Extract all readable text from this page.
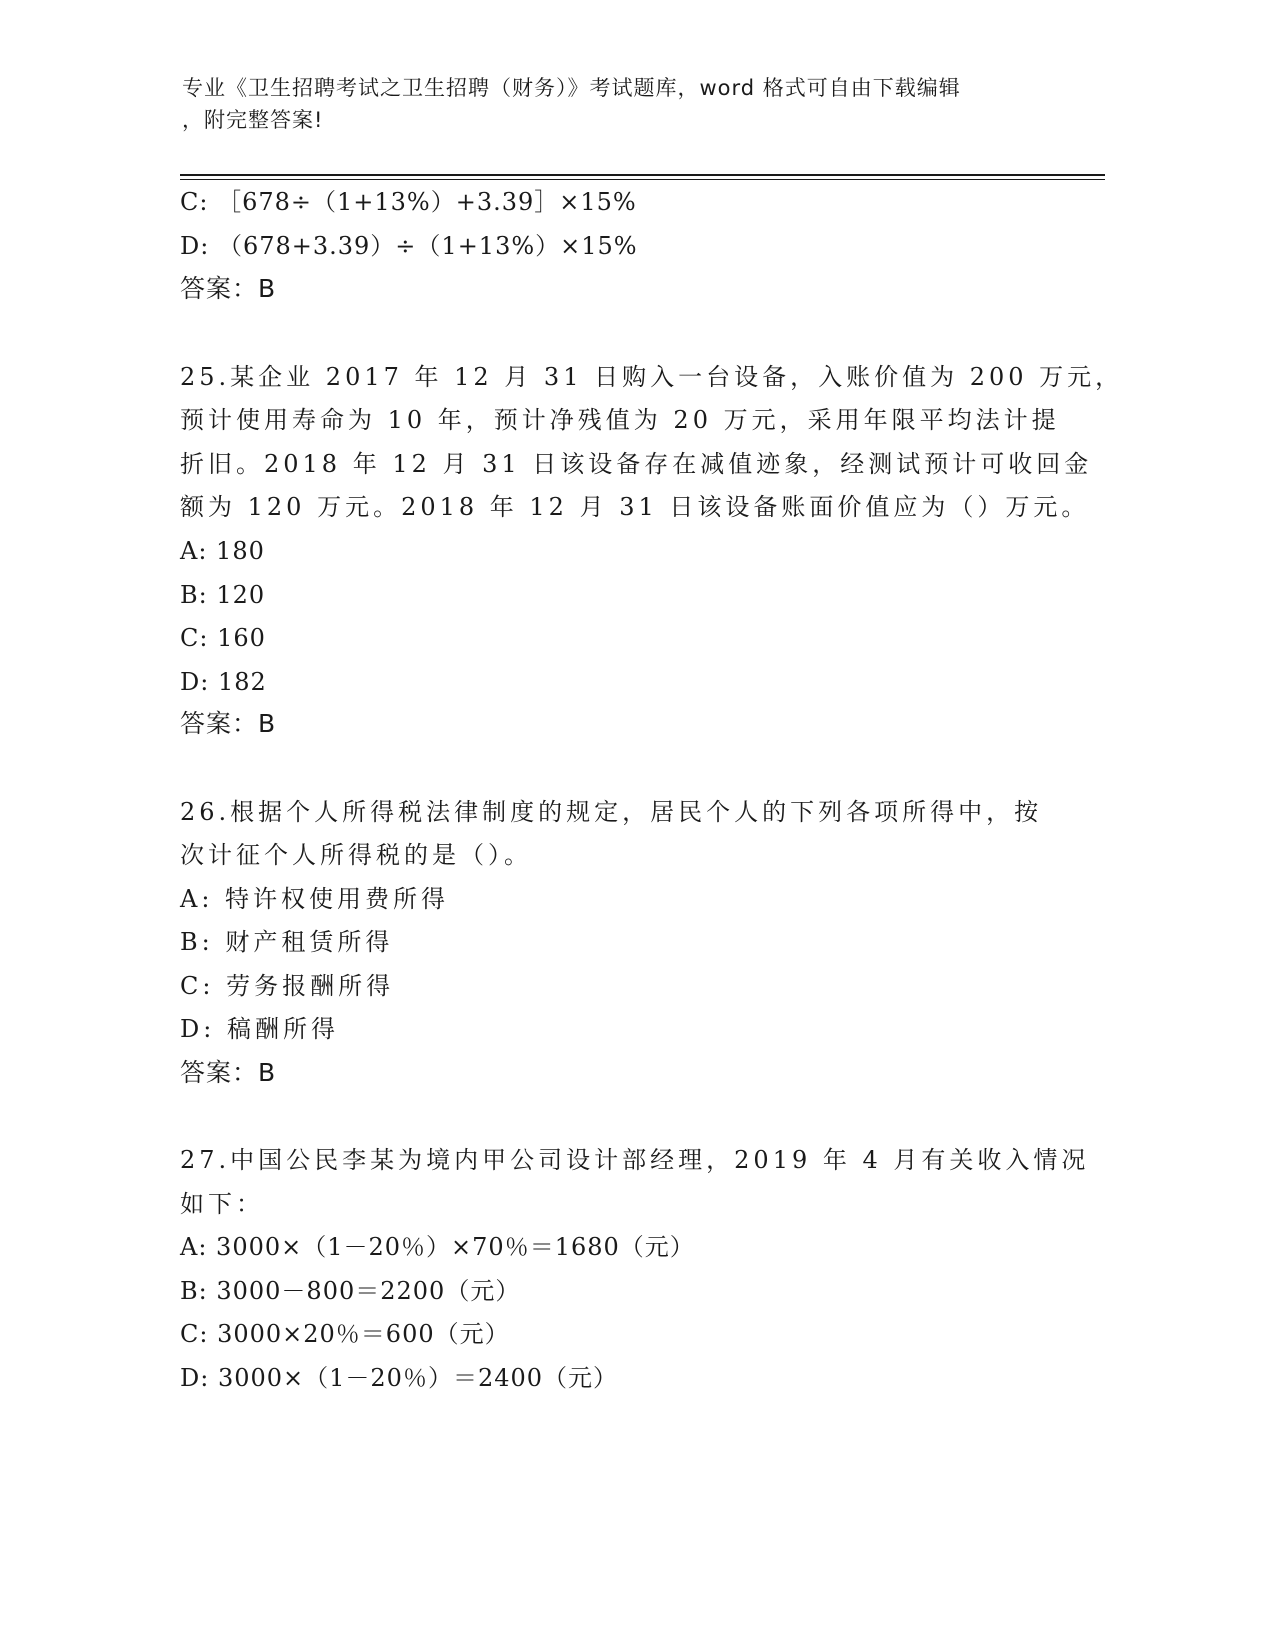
专业《卫生招聘考试之卫生招聘（财务）》考试题库，word 格式可自由下载编辑
，附完整答案!
C: ［678÷（1+13%）+3.39］×15%
D: （678+3.39）÷（1+13%）×15%
答案：B
25.某企业 2017 年 12 月 31 日购入一台设备，入账价值为 200 万元，
预计使用寿命为 10 年，预计净残值为 20 万元，采用年限平均法计提
折旧。2018 年 12 月 31 日该设备存在减值迹象，经测试预计可收回金
额为 120 万元。2018 年 12 月 31 日该设备账面价值应为（）万元。
A: 180
B: 120
C: 160
D: 182
答案：B
26.根据个人所得税法律制度的规定，居民个人的下列各项所得中，按
次计征个人所得税的是（）。
A: 特许权使用费所得
B: 财产租赁所得
C: 劳务报酬所得
D: 稿酬所得
答案：B
27.中国公民李某为境内甲公司设计部经理，2019 年 4 月有关收入情况
如下：
A: 3000×（1－20％）×70％＝1680（元）
B: 3000－800＝2200（元）
C: 3000×20％＝600（元）
D: 3000×（1－20％）＝2400（元）
